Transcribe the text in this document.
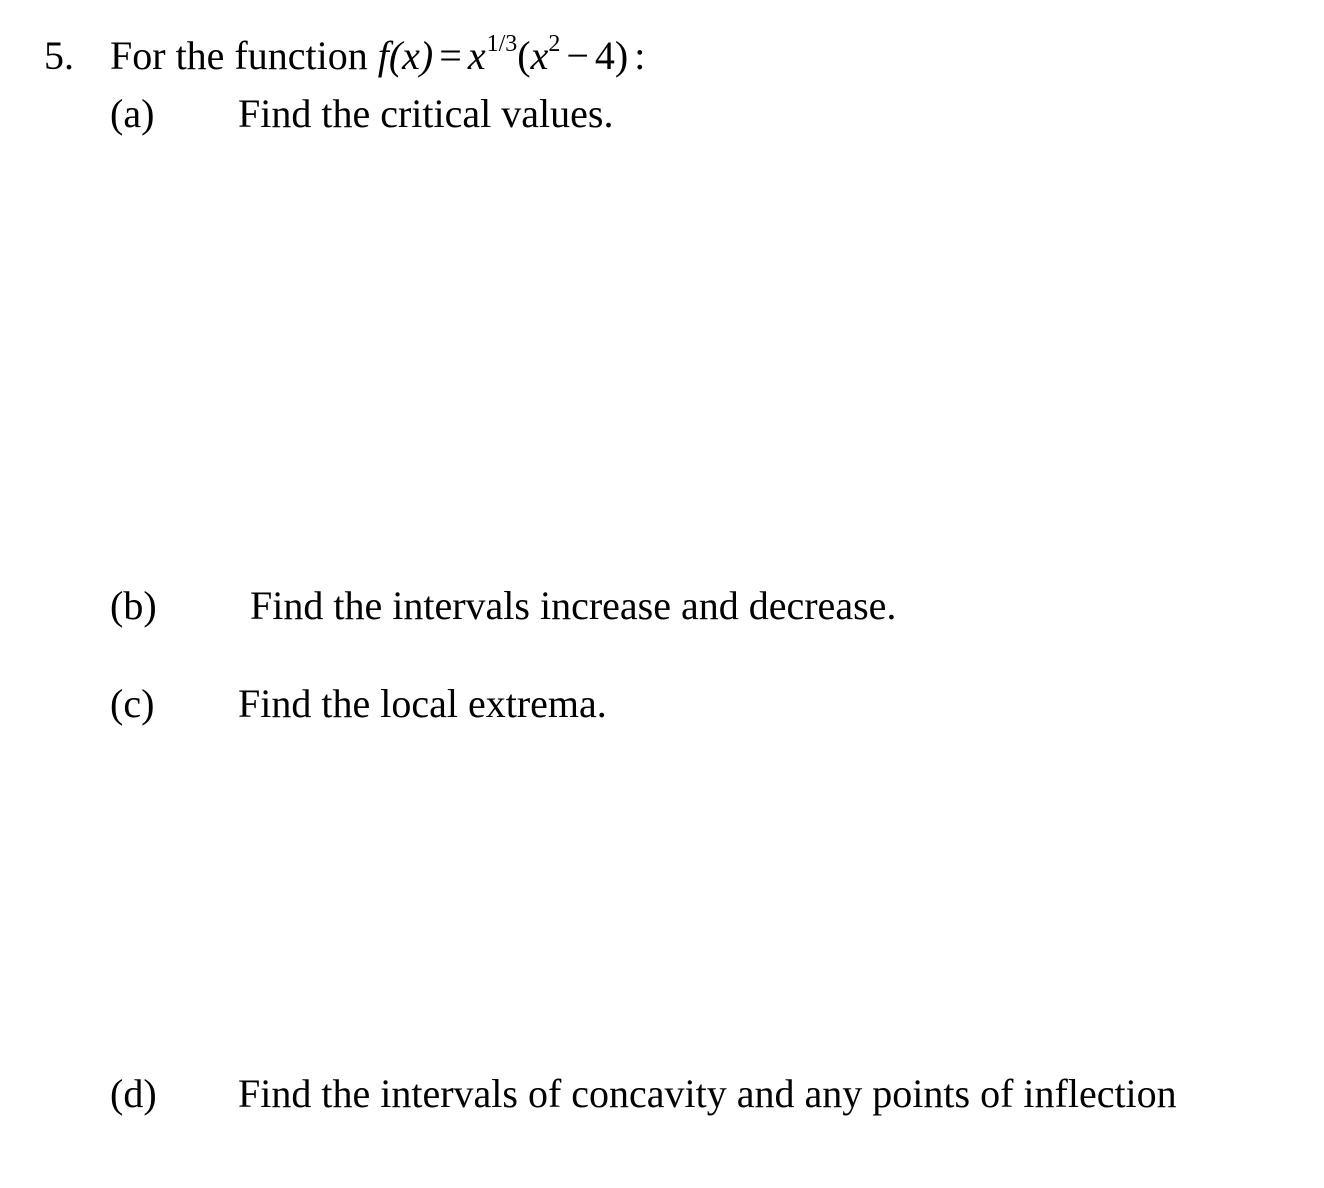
5. For the function $f(x) = x^{1/3}(x^2 - 4)$ :
(a) Find the critical values.
(b) Find the intervals increase and decrease.
(c) Find the local extrema.
(d) Find the intervals of concavity and any points of inflection
